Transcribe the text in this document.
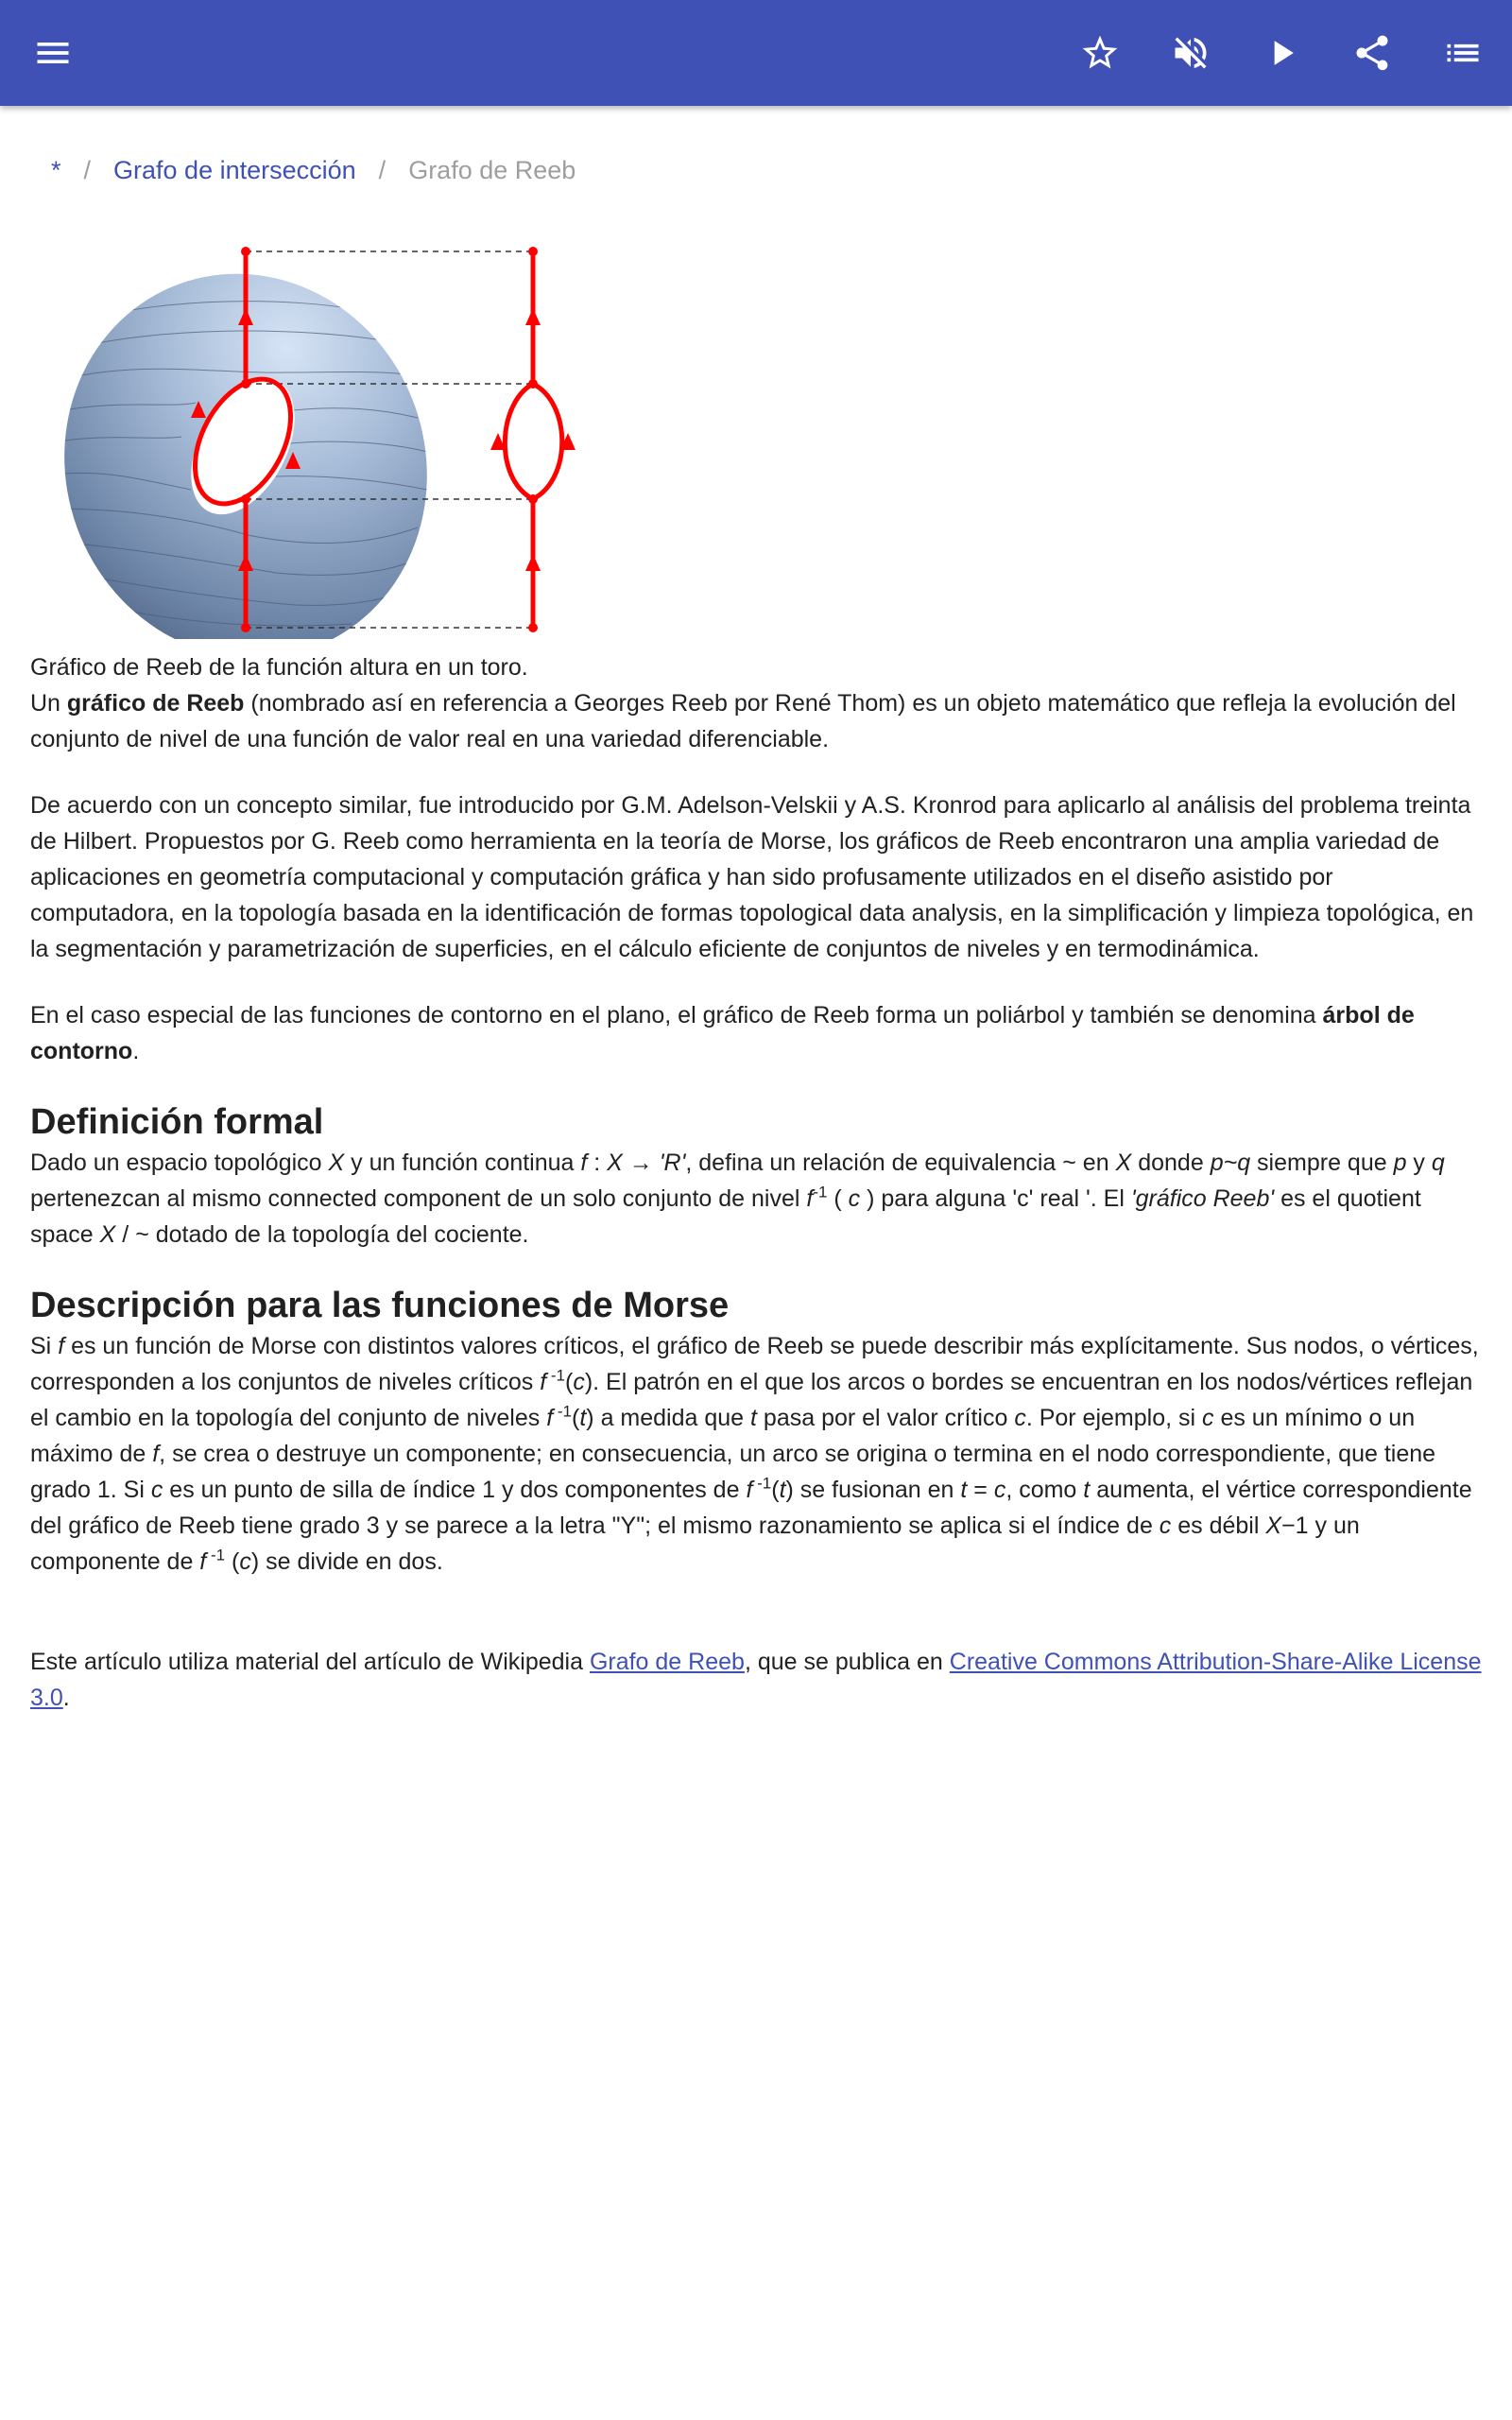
* / Grafo de intersección / Grafo de Reeb

Gráfico de Reeb de la función altura en un toro.

Un gráfico de Reeb (nombrado así en referencia a Georges Reeb por René Thom) es un objeto matemático que refleja la evolución del conjunto de nivel de una función de valor real en una variedad diferenciable.

De acuerdo con un concepto similar, fue introducido por G.M. Adelson-Velskii y A.S. Kronrod para aplicarlo al análisis del problema treinta de Hilbert. Propuestos por G. Reeb como herramienta en la teoría de Morse, los gráficos de Reeb encontraron una amplia variedad de aplicaciones en geometría computacional y computación gráfica y han sido profusamente utilizados en el diseño asistido por computadora, en la topología basada en la identificación de formas topological data analysis, en la simplificación y limpieza topológica, en la segmentación y parametrización de superficies, en el cálculo eficiente de conjuntos de niveles y en termodinámica.

En el caso especial de las funciones de contorno en el plano, el gráfico de Reeb forma un poliárbol y también se denomina árbol de contorno.

Definición formal

Dado un espacio topológico X y un función continua f : X → 'R', defina un relación de equivalencia ~ en X donde p~q siempre que p y q pertenezcan al mismo connected component de un solo conjunto de nivel $f^{-1}$ ( c ) para alguna 'c' real '. El 'gráfico Reeb' es el quotient space X / ~ dotado de la topología del cociente.

Descripción para las funciones de Morse

Si f es un función de Morse con distintos valores críticos, el gráfico de Reeb se puede describir más explícitamente. Sus nodos, o vértices, corresponden a los conjuntos de niveles críticos f $^{-1}$(c). El patrón en el que los arcos o bordes se encuentran en los nodos/vértices reflejan el cambio en la topología del conjunto de niveles f $^{-1}$(t) a medida que t pasa por el valor crítico c. Por ejemplo, si c es un mínimo o un máximo de f, se crea o destruye un componente; en consecuencia, un arco se origina o termina en el nodo correspondiente, que tiene grado 1. Si c es un punto de silla de índice 1 y dos componentes de f $^{-1}$(t) se fusionan en t = c, como t aumenta, el vértice correspondiente del gráfico de Reeb tiene grado 3 y se parece a la letra "Y"; el mismo razonamiento se aplica si el índice de c es débil X−1 y un componente de f $^{-1}$ (c) se divide en dos.

Este artículo utiliza material del artículo de Wikipedia Grafo de Reeb, que se publica en Creative Commons Attribution-Share-Alike License 3.0.
